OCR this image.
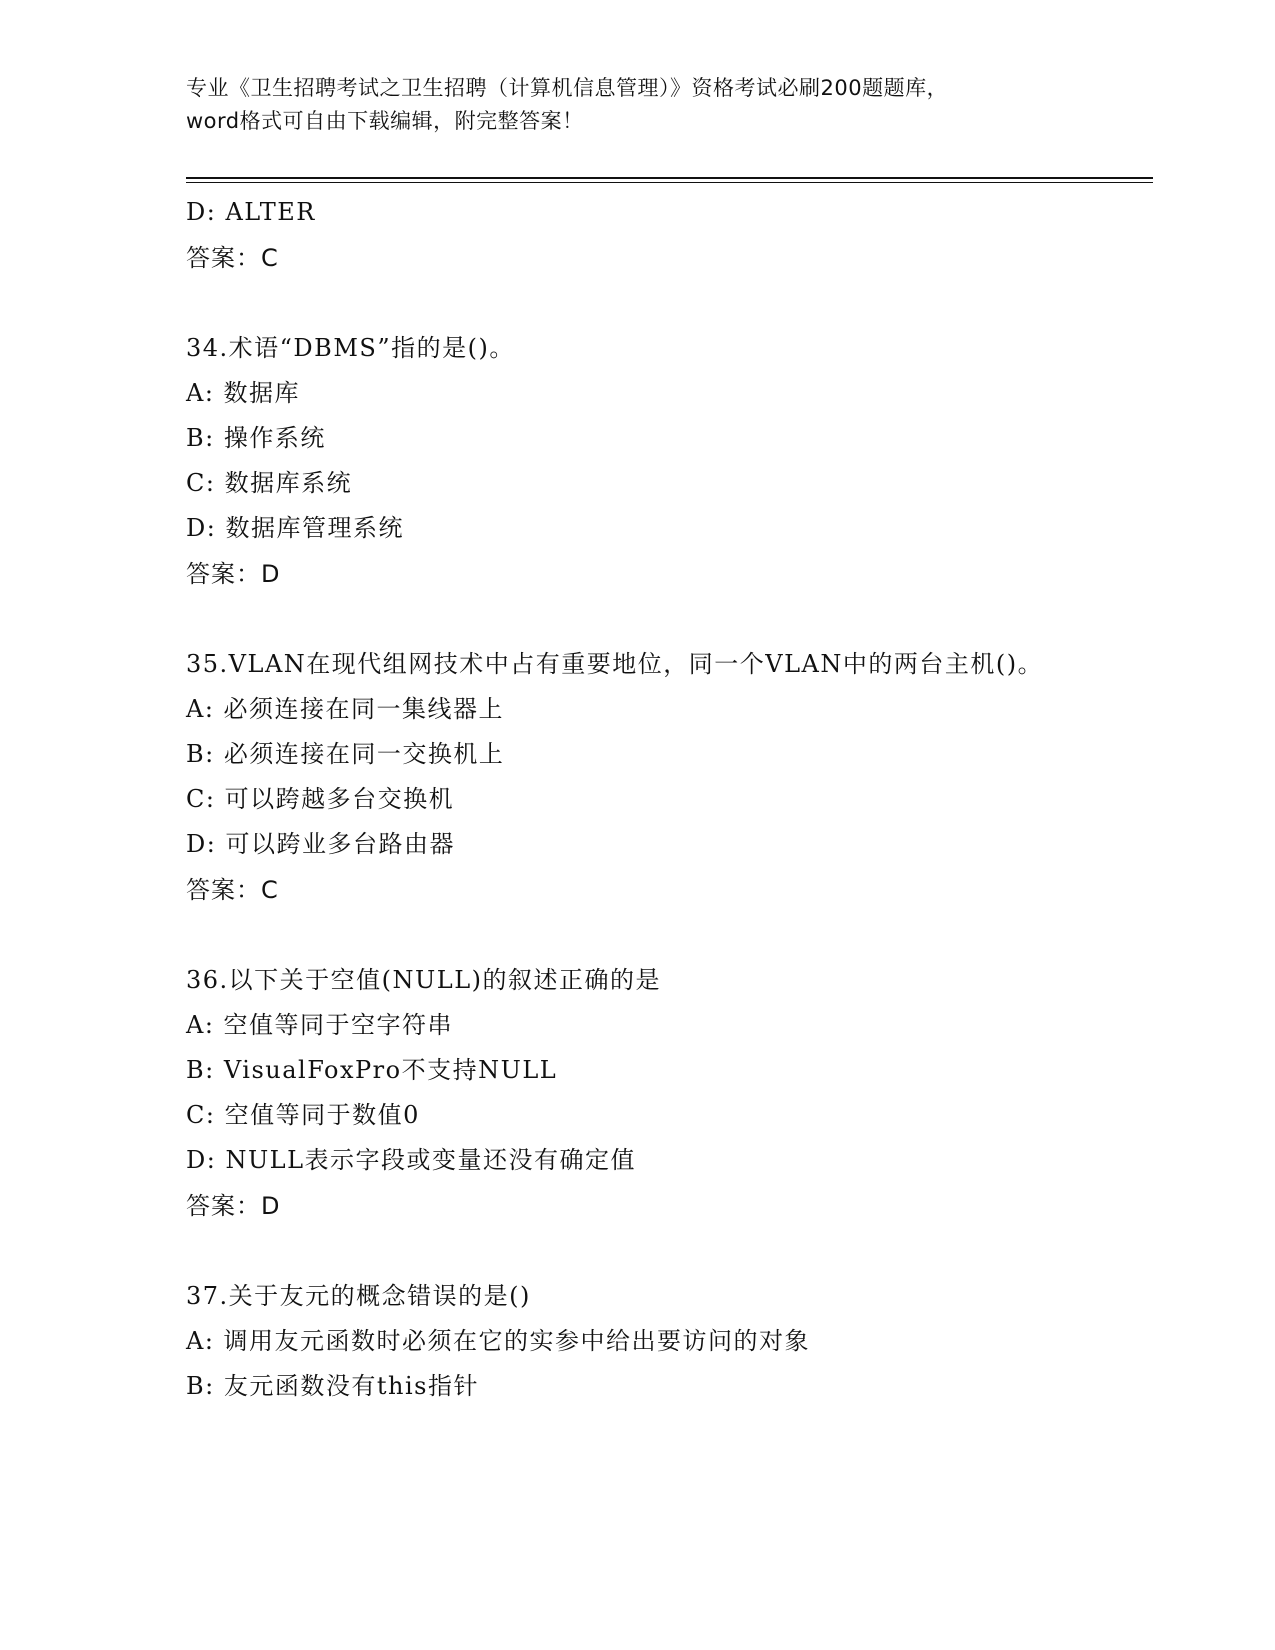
专业《卫生招聘考试之卫生招聘（计算机信息管理）》资格考试必刷200题题库，
word格式可自由下载编辑，附完整答案！
D: ALTER
答案：C
34.术语“DBMS”指的是()。
A: 数据库
B: 操作系统
C: 数据库系统
D: 数据库管理系统
答案：D
35.VLAN在现代组网技术中占有重要地位，同一个VLAN中的两台主机()。
A: 必须连接在同一集线器上
B: 必须连接在同一交换机上
C: 可以跨越多台交换机
D: 可以跨业多台路由器
答案：C
36.以下关于空值(NULL)的叙述正确的是
A: 空值等同于空字符串
B: VisualFoxPro不支持NULL
C: 空值等同于数值0
D: NULL表示字段或变量还没有确定值
答案：D
37.关于友元的概念错误的是()
A: 调用友元函数时必须在它的实参中给出要访问的对象
B: 友元函数没有this指针
